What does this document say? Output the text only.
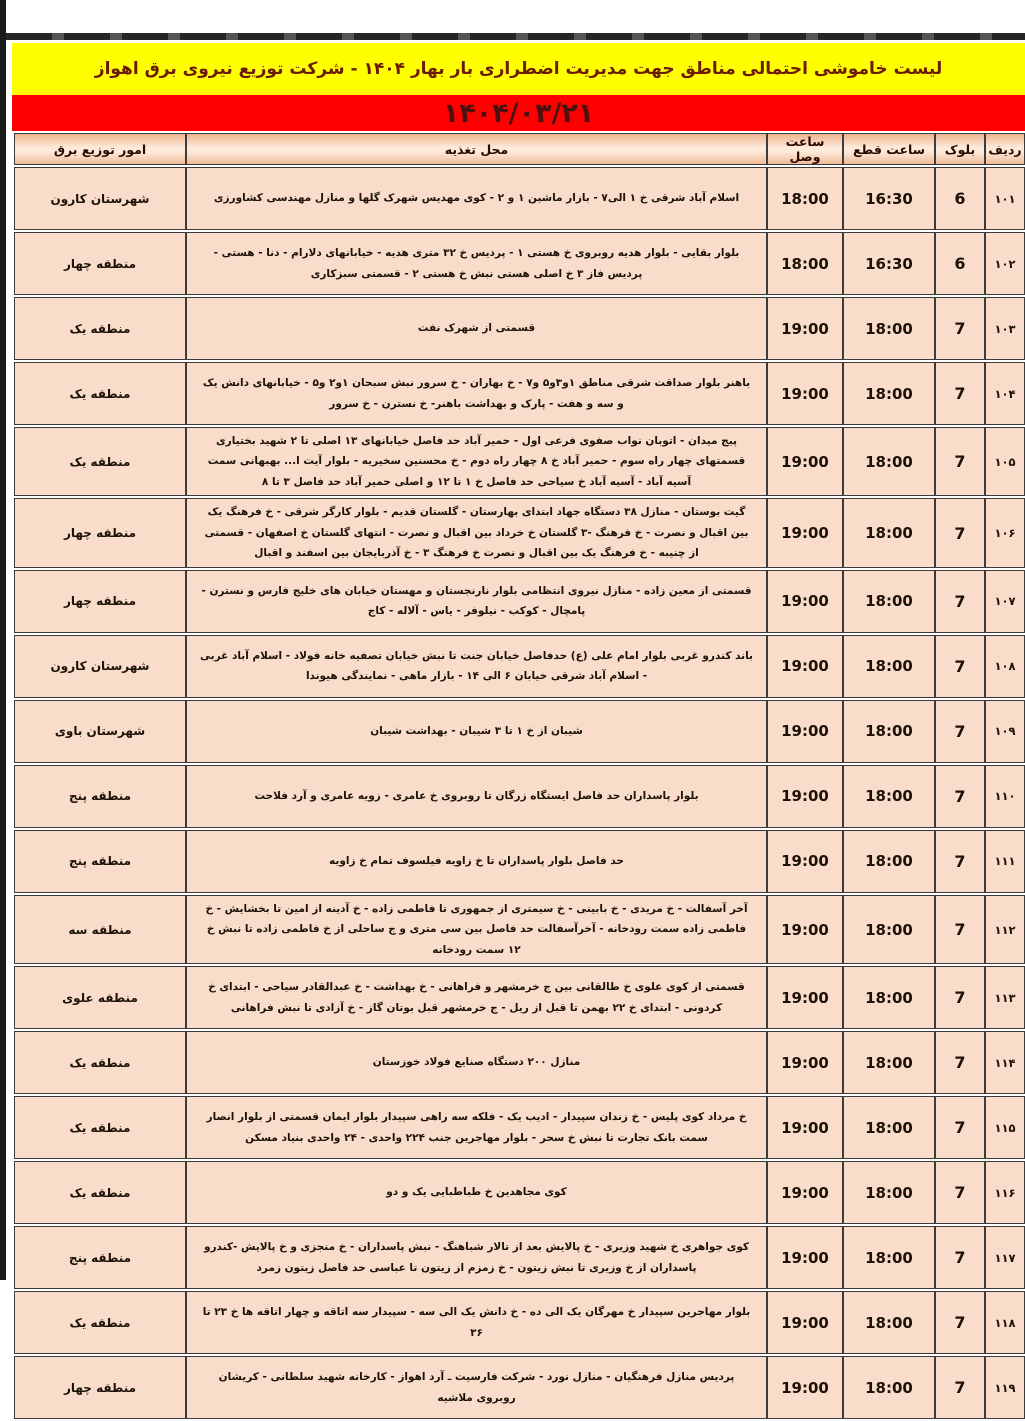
لیست خاموشی احتمالی مناطق جهت مدیریت اضطراری بار بهار ۱۴۰۴ - شرکت توزیع نیروی برق اهواز
۱۴۰۴/۰۳/۲۱
ردیف
بلوک
ساعت قطع
ساعت وصل
محل تغذیه
امور توزیع برق
۱۰۱
6
16:30
18:00
اسلام آباد شرقی خ ۱ الی۷ - بازار ماشین ۱ و ۲ - کوی مهدیس شهرک گلها و منازل مهندسی کشاورزی
شهرستان کارون
۱۰۲
6
16:30
18:00
بلوار بقایی - بلوار هدیه روبروی خ هستی ۱ - پردیس خ ۳۲ متری هدیه - خیابانهای دلارام - دنا - هستی - پردیس فاز ۳ خ اصلی هستی نبش خ هستی ۲ - قسمتی سبزکاری
منطقه چهار
۱۰۳
7
18:00
19:00
قسمتی از شهرک نفت
منطقه یک
۱۰۴
7
18:00
19:00
باهنر بلوار صداقت شرقی مناطق ۱و۳و۵ و۷ - خ بهاران - خ سرور نبش سبحان ۱و۲ و۵ - خیابانهای دانش یک و سه و هفت - پارک و بهداشت باهنر- خ نسترن - خ سرور
منطقه یک
۱۰۵
7
18:00
19:00
پیج میدان - اتوبان نواب صفوی فرعی اول - حمیر آباد حد فاصل خیابانهای ۱۳ اصلی تا ۲ شهید بختیاری قسمتهای چهار راه سوم - حمیر آباد خ ۸ چهار راه دوم - خ محسنین سخیریه - بلوار آیت ا... بهبهانی سمت آسیه آباد - آسیه آباد خ سیاحی حد فاصل خ ۱ تا ۱۲ و اصلی حمیر آباد حد فاصل ۳ تا ۸
منطقه یک
۱۰۶
7
18:00
19:00
گیت بوستان - منازل ۳۸ دستگاه جهاد ابتدای بهارستان - گلستان قدیم - بلوار کارگر شرقی - خ فرهنگ یک بین اقبال و نصرت - خ فرهنگ -۳ گلستان خ خرداد بین اقبال و نصرت - انتهای گلستان خ اصفهان - قسمتی از چنیبه - خ فرهنگ یک بین اقبال و نصرت خ فرهنگ ۳ - خ آذربایجان بین اسفند و اقبال
منطقه چهار
۱۰۷
7
18:00
19:00
قسمتی از معین زاده - منازل نیروی انتظامی بلوار نارنجستان و مهستان خیابان های خلیج فارس و نسترن - پامچال - کوکب - نیلوفر - یاس - آلاله - کاج
منطقه چهار
۱۰۸
7
18:00
19:00
باند کندرو غربی بلوار امام علی (ع) حدفاصل خیابان جنت تا نبش خیابان تصفیه خانه فولاد - اسلام آباد غربی - اسلام آباد شرقی خیابان ۶ الی ۱۴ - بازار ماهی - نمایندگی هیوندا
شهرستان کارون
۱۰۹
7
18:00
19:00
شیبان از خ ۱ تا ۳ شیبان - بهداشت شیبان
شهرستان باوی
۱۱۰
7
18:00
19:00
بلوار پاسداران حد فاصل ایستگاه زرگان تا روبروی خ عامری - زویه عامری و آرد فلاحت
منطقه پنج
۱۱۱
7
18:00
19:00
حد فاصل بلوار پاسداران تا خ زاویه فیلسوف تمام خ زاویه
منطقه پنج
۱۱۲
7
18:00
19:00
آخر آسفالت - خ مریدی - خ بابینی - خ سیمتری از جمهوری تا فاطمی زاده - خ آدینه از امین تا بخشایش - خ فاطمی زاده سمت رودخانه - آخرآسفالت حد فاصل بین سی متری و ج ساحلی از خ فاطمی زاده تا نبش خ ۱۲ سمت رودخانه
منطقه سه
۱۱۳
7
18:00
19:00
قسمتی از کوی علوی خ طالقانی بین ج خرمشهر و فراهانی - خ بهداشت - خ عبدالقادر سیاحی - ابتدای خ کردونی - ابتدای خ ۲۲ بهمن تا قبل از ریل - ج خرمشهر قبل بوتان گاز - خ آزادی تا نبش فراهانی
منطقه علوی
۱۱۴
7
18:00
19:00
منازل ۲۰۰ دستگاه صنایع فولاد خوزستان
منطقه یک
۱۱۵
7
18:00
19:00
خ مرداد کوی پلیس - خ زندان سپیدار - ادیب یک - فلکه سه راهی سپیدار بلوار ایمان قسمتی از بلوار انصار سمت بانک تجارت تا نبش خ سحر - بلوار مهاجرین جنب ۲۲۴ واحدی - ۲۴ واحدی بنیاد مسکن
منطقه یک
۱۱۶
7
18:00
19:00
کوی مجاهدین خ طباطبایی یک و دو
منطقه یک
۱۱۷
7
18:00
19:00
کوی جواهری خ شهید وزیری - خ پالایش بعد از تالار شباهنگ - نبش پاسداران - خ منجزی و خ پالایش -کندرو پاسداران از خ وزیری تا نبش زیتون - خ زمزم از زیتون تا عباسی حد فاصل زیتون زمرد
منطقه پنج
۱۱۸
7
18:00
19:00
بلوار مهاجرین سپیدار خ مهرگان یک الی ده - خ دانش یک الی سه - سپیدار سه اتاقه و چهار اتاقه ها خ ۲۳ تا ۳۶
منطقه یک
۱۱۹
7
18:00
19:00
پردیس منازل فرهنگیان - منازل نورد - شرکت فارسیت ـ آرد اهواز - کارخانه شهید سلطانی - کریشان روبروی ملاشیه
منطقه چهار
